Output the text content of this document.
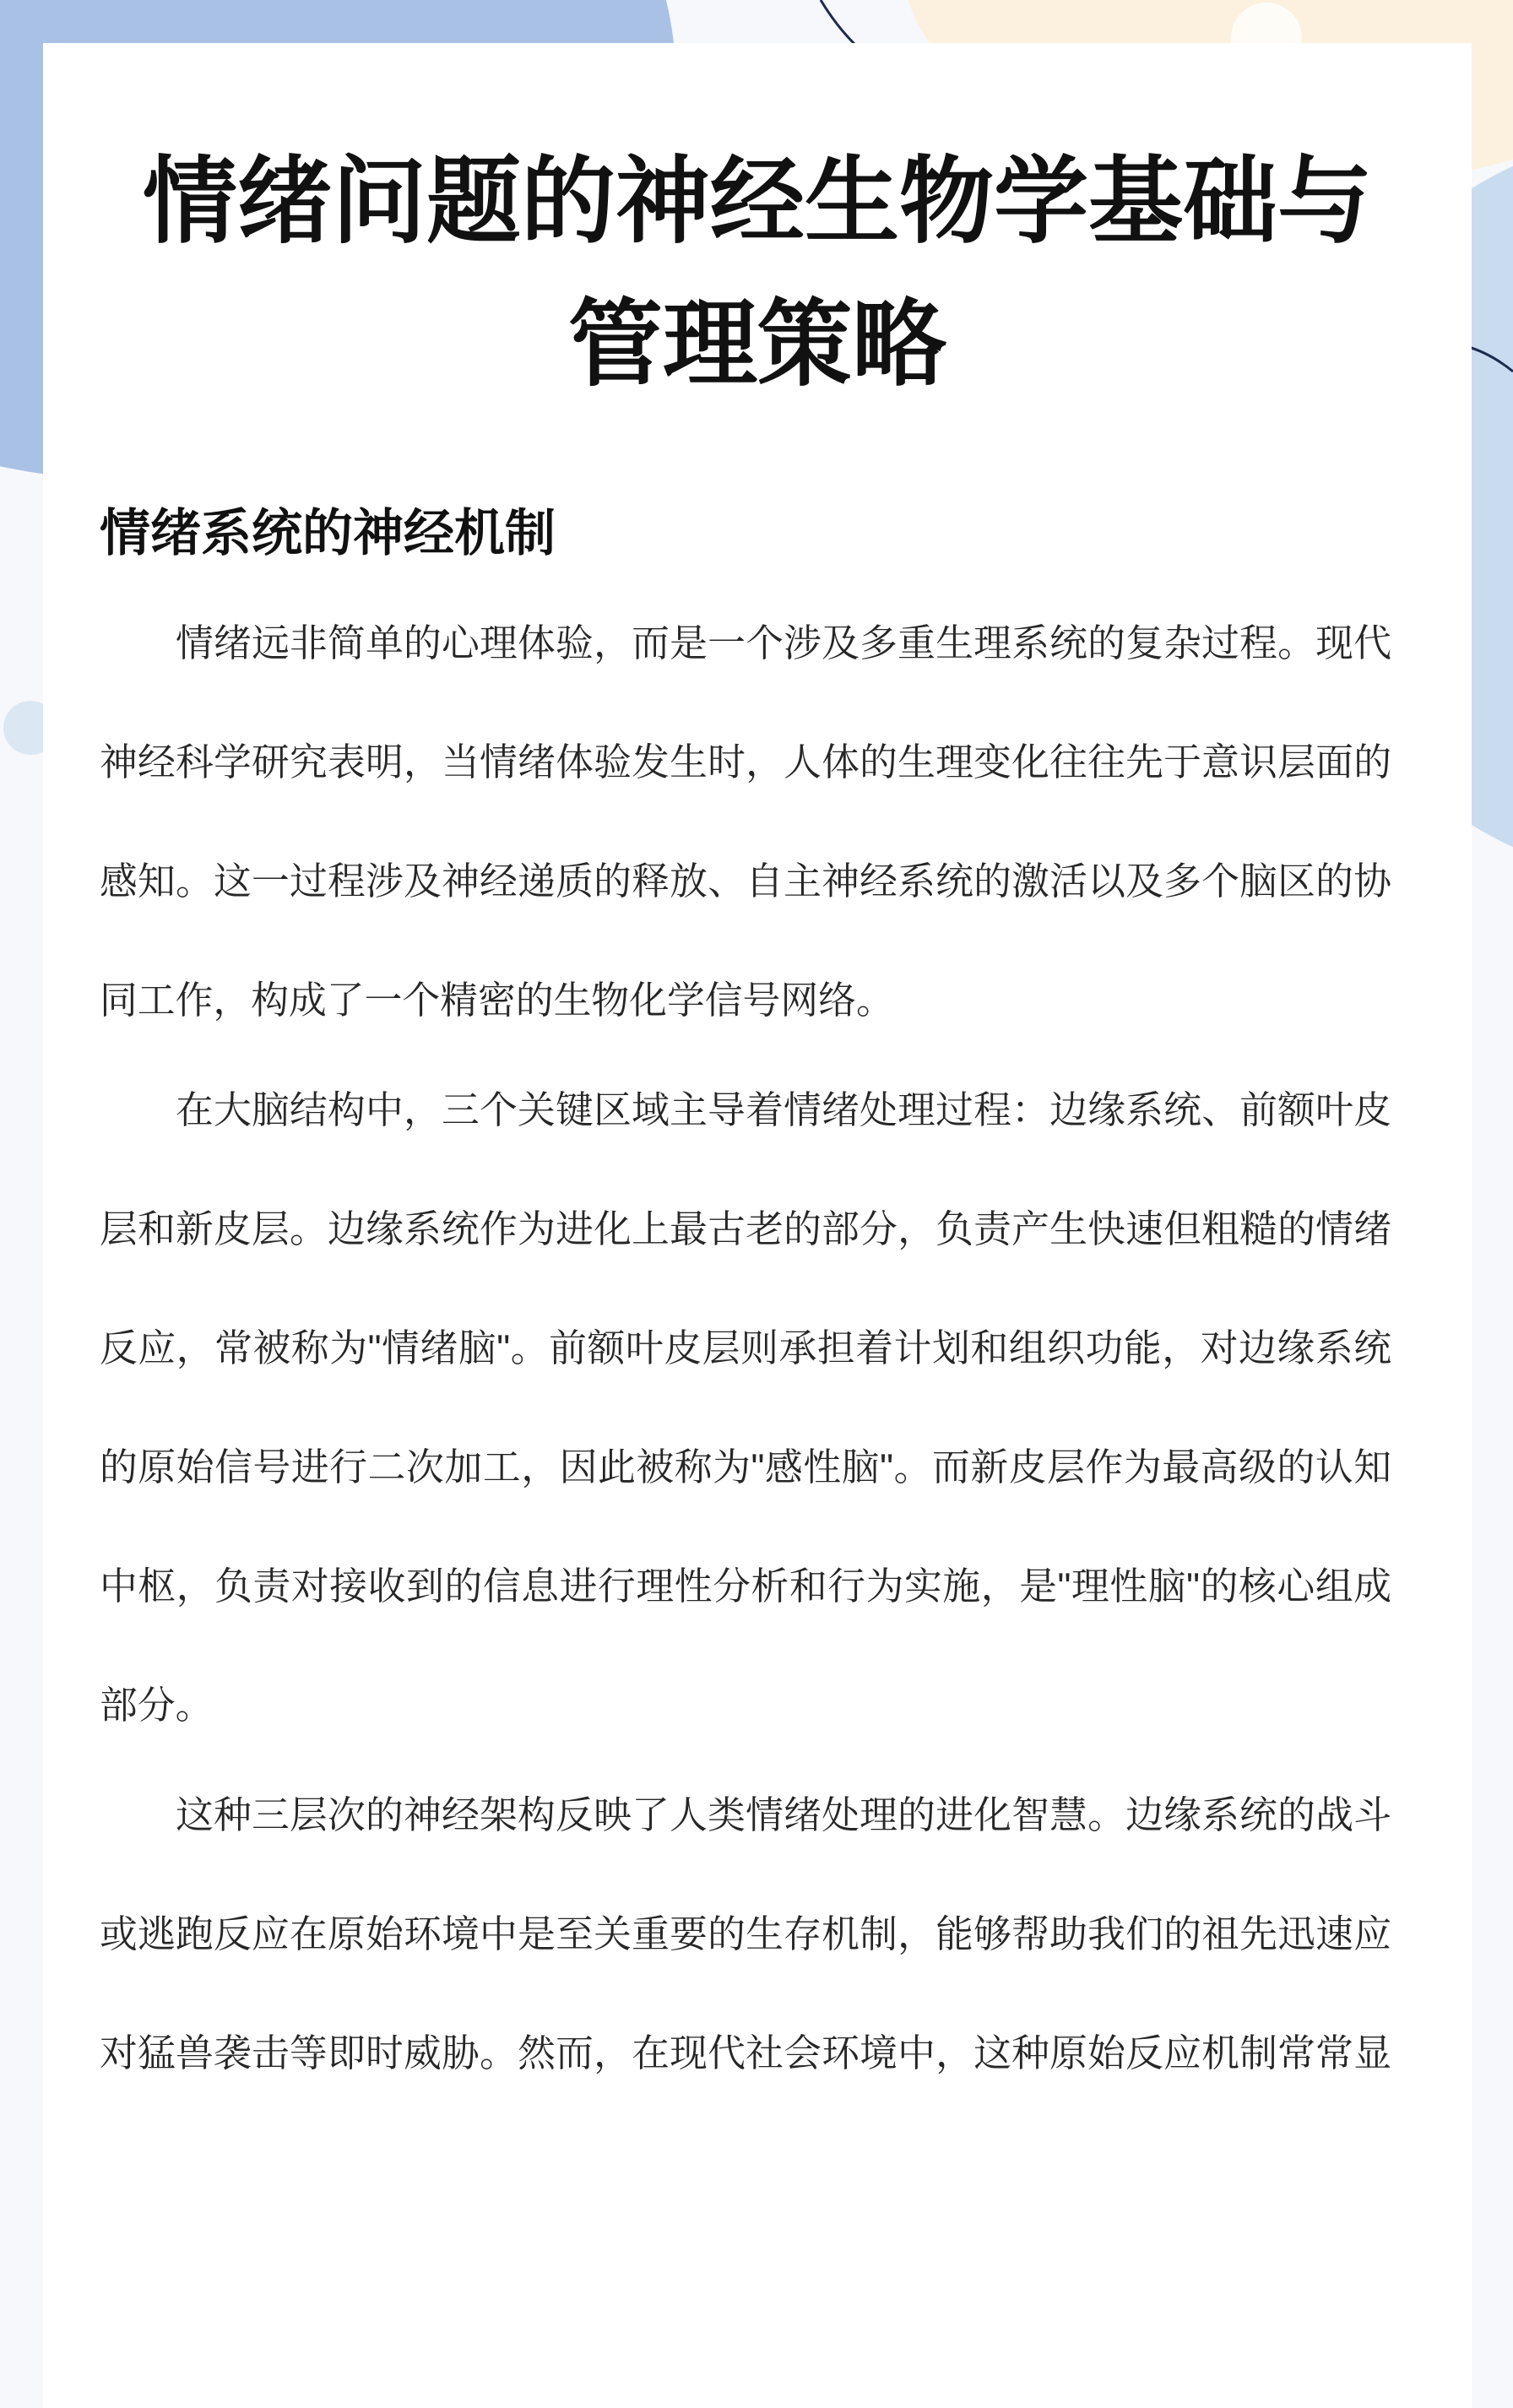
情绪问题的神经生物学基础与
管理策略
情绪系统的神经机制
情绪远非简单的心理体验，而是一个涉及多重生理系统的复杂过程。现代
神经科学研究表明，当情绪体验发生时，人体的生理变化往往先于意识层面的
感知。这一过程涉及神经递质的释放、自主神经系统的激活以及多个脑区的协
同工作，构成了一个精密的生物化学信号网络。
在大脑结构中，三个关键区域主导着情绪处理过程：边缘系统、前额叶皮
层和新皮层。边缘系统作为进化上最古老的部分，负责产生快速但粗糙的情绪
反应，常被称为"情绪脑"。前额叶皮层则承担着计划和组织功能，对边缘系统
的原始信号进行二次加工，因此被称为"感性脑"。而新皮层作为最高级的认知
中枢，负责对接收到的信息进行理性分析和行为实施，是"理性脑"的核心组成
部分。
这种三层次的神经架构反映了人类情绪处理的进化智慧。边缘系统的战斗
或逃跑反应在原始环境中是至关重要的生存机制，能够帮助我们的祖先迅速应
对猛兽袭击等即时威胁。然而，在现代社会环境中，这种原始反应机制常常显
